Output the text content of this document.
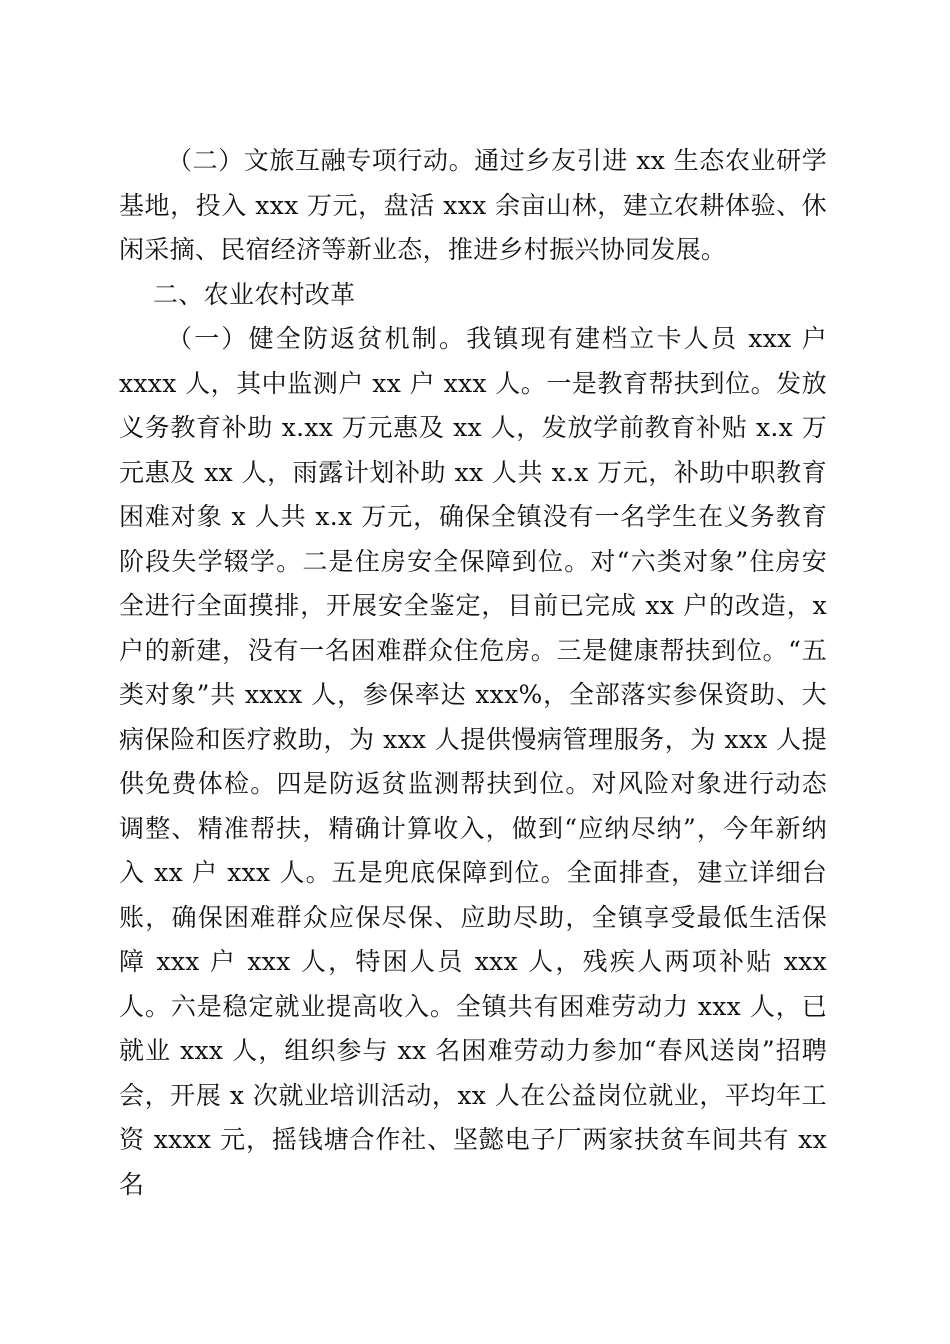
（二）文旅互融专项行动。通过乡友引进 xx 生态农业研学基地，投入 xxx 万元，盘活 xxx 余亩山林，建立农耕体验、休闲采摘、民宿经济等新业态，推进乡村振兴协同发展。

二、农业农村改革

（一）健全防返贫机制。我镇现有建档立卡人员 xxx 户 xxxx 人，其中监测户 xx 户 xxx 人。一是教育帮扶到位。发放义务教育补助 x.xx 万元惠及 xx 人，发放学前教育补贴 x.x 万元惠及 xx 人，雨露计划补助 xx 人共 x.x 万元，补助中职教育困难对象 x 人共 x.x 万元，确保全镇没有一名学生在义务教育阶段失学辍学。二是住房安全保障到位。对“六类对象”住房安全进行全面摸排，开展安全鉴定，目前已完成 xx 户的改造，x 户的新建，没有一名困难群众住危房。三是健康帮扶到位。“五类对象”共 xxxx 人，参保率达 xxx%，全部落实参保资助、大病保险和医疗救助，为 xxx 人提供慢病管理服务，为 xxx 人提供免费体检。四是防返贫监测帮扶到位。对风险对象进行动态调整、精准帮扶，精确计算收入，做到“应纳尽纳”，今年新纳入 xx 户 xxx 人。五是兜底保障到位。全面排查，建立详细台账，确保困难群众应保尽保、应助尽助，全镇享受最低生活保障 xxx 户 xxx 人，特困人员 xxx 人，残疾人两项补贴 xxx 人。六是稳定就业提高收入。全镇共有困难劳动力 xxx 人，已就业 xxx 人，组织参与 xx 名困难劳动力参加“春风送岗”招聘会，开展 x 次就业培训活动，xx 人在公益岗位就业，平均年工资 xxxx 元，摇钱塘合作社、坚懿电子厂两家扶贫车间共有 xx 名
